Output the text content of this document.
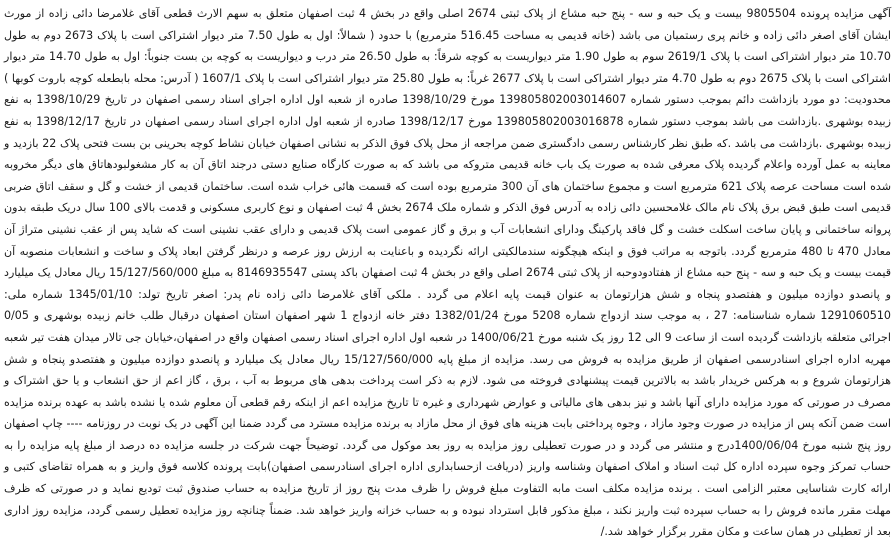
آگهی مزایده پرونده 9805504 بیست و یک حبه و سه - پنج حبه مشاع از پلاک ثبتی 2674 اصلی واقع در بخش 4 ثبت اصفهان متعلق به سهم الارث قطعی آقای غلامرضا دائی زاده از مورث ایشان آقای اصغر دائی زاده و خانم پری رستمیان می باشد (خانه قدیمی به مساحت 516.45 مترمربع) با حدود ( شمالاً: اول به طول 7.50 متر دیوار اشتراکی است با پلاک 2673 دوم به طول 10.70 متر دیوار اشتراکی است با پلاک 2619/1 سوم به طول 1.90 متر دیواریست به کوچه شرقاً: به طول 26.50 متر درب و دیواریست به کوچه بن بست جنوباً: اول به طول 14.70 متر دیوار اشتراکی است با پلاک 2675 دوم به طول 4.70 متر دیوار اشتراکی است با پلاک 2677 غرباً: به طول 25.80 متر دیوار اشتراکی است با پلاک 1607/1 ( آدرس: محله بابطعله کوچه باروت کوبها ) محدودیت: دو مورد بازداشت دائم بموجب دستور شماره 139805802003014607 مورخ 1398/10/29 صادره از شعبه اول اداره اجرای اسناد رسمی اصفهان در تاریخ 1398/10/29 به نفع زبیده بوشهری .بازداشت می باشد بموجب دستور شماره 139805802003016878 مورخ 1398/12/17 صادره از شعبه اول اداره اجرای اسناد رسمی اصفهان در تاریخ 1398/12/17 به نفع زبیده بوشهری .بازداشت می باشد .که طبق نظر کارشناس رسمی دادگستری ضمن مراجعه از محل پلاک فوق الذکر به نشانی اصفهان خیابان نشاط کوچه بحرینی بن بست فتحی پلاک 22 بازدید و معاینه به عمل آورده واعلام گردیده پلاک معرفی شده به صورت یک باب خانه قدیمی متروکه می باشد که به صورت کارگاه صنایع دستی درجند اتاق آن به کار مشغولبودهاتاق های دیگر مخروبه شده است مساحت عرصه پلاک 621 مترمربع است و مجموع ساختمان های آن 300 مترمربع بوده است که قسمت هائی خراب شده است. ساختمان قدیمی از خشت و گل و سقف اتاق ضربی قدیمی است طبق قبض برق پلاک نام مالک غلامحسین دائی زاده به آدرس فوق الذکر و شماره ملک 2674 بخش 4 ثبت اصفهان و نوع کاربری مسکونی و قدمت بالای 100 سال دریک طبقه بدون پروانه ساختمانی و پایان ساخت اسکلت خشت و گل فاقد پارکینگ ودارای انشعابات آب و برق و گاز عمومی است پلاک قدیمی و دارای عقب نشینی است که شاید پس از عقب نشینی متراژ آن معادل 470 تا 480 مترمربع گردد. باتوجه به مراتب فوق و اینکه هیچگونه سندمالکیتی ارائه نگردیده و باعنایت به ارزش روز عرصه و درنظر گرفتن ابعاد پلاک و ساخت و انشعابات منصوبه آن قیمت بیست و یک حبه و سه - پنج حبه مشاع از هفتادودوحبه از پلاک ثبتی 2674 اصلی واقع در بخش 4 ثبت اصفهان باکد پستی 8146935547 به مبلغ 15/127/560/000 ریال معادل یک میلیارد و پانصدو دوازده میلیون و هفتصدو پنجاه و شش هزارتومان به عنوان قیمت پایه اعلام می گردد . ملکی آقای غلامرضا دائی زاده نام پدر: اصغر تاریخ تولد: 1345/01/10 شماره ملی: 1291060510 شماره شناسنامه: 27 ، به موجب سند ازدواج شماره 5208 مورخ 1382/01/24 دفتر خانه ازدواج 1 شهر اصفهان استان اصفهان درقبال طلب خانم زبیده بوشهری و 0/05 اجرائی متعلقه بازداشت گردیده است از ساعت 9 الی 12 روز یک شنبه مورخ 1400/06/21 در شعبه اول اداره اجرای اسناد رسمی اصفهان واقع در اصفهان،خیابان جی تالار میدان هفت تیر شعبه مهریه اداره اجرای اسنادرسمی اصفهان از طریق مزایده به فروش می رسد. مزایده از مبلغ پایه 15/127/560/000 ریال معادل یک میلیارد و پانصدو دوازده میلیون و هفتصدو پنجاه و شش هزارتومان شروع و به هرکس خریدار باشد به بالاترین قیمت پیشنهادی فروخته می شود. لازم به ذکر است پرداخت بدهی های مربوط به آب ، برق ، گاز اعم از حق انشعاب و یا حق اشتراک و مصرف در صورتی که مورد مزایده دارای آنها باشد و نیز بدهی های مالیاتی و عوارض شهرداری و غیره تا تاریخ مزایده اعم از اینکه رقم قطعی آن معلوم شده یا نشده باشد به عهده برنده مزایده است ضمن آنکه پس از مزایده در صورت وجود مازاد ، وجوه پرداختی بابت هزینه های فوق از محل مازاد به برنده مزایده مسترد می گردد ضمنا این آگهی در یک نوبت در روزنامه ---- چاپ اصفهان روز پنج شنبه مورخ 1400/06/04درج و منتشر می گردد و در صورت تعطیلی روز مزایده به روز بعد موکول می گردد. توضیحاً جهت شرکت در جلسه مزایده ده درصد از مبلغ پایه مزایده را به حساب تمرکز وجوه سپرده اداره کل ثبت اسناد و املاک اصفهان وشناسه واریز (دریافت ازحسابداری اداره اجرای اسنادرسمی اصفهان)بابت پرونده کلاسه فوق واریز و به همراه تقاضای کتبی و ارائه کارت شناسایی معتبر الزامی است . برنده مزایده مکلف است مابه التفاوت مبلغ فروش را ظرف مدت پنج روز از تاریخ مزایده به حساب صندوق ثبت تودیع نماید و در صورتی که ظرف مهلت مقرر مانده فروش را به حساب سپرده ثبت واریز نکند ، مبلغ مذکور قابل استرداد نبوده و به حساب خزانه واریز خواهد شد. ضمناً چنانچه روز مزایده تعطیل رسمی گردد، مزایده روز اداری بعد از تعطیلی در همان ساعت و مکان مقرر برگزار خواهد شد./
